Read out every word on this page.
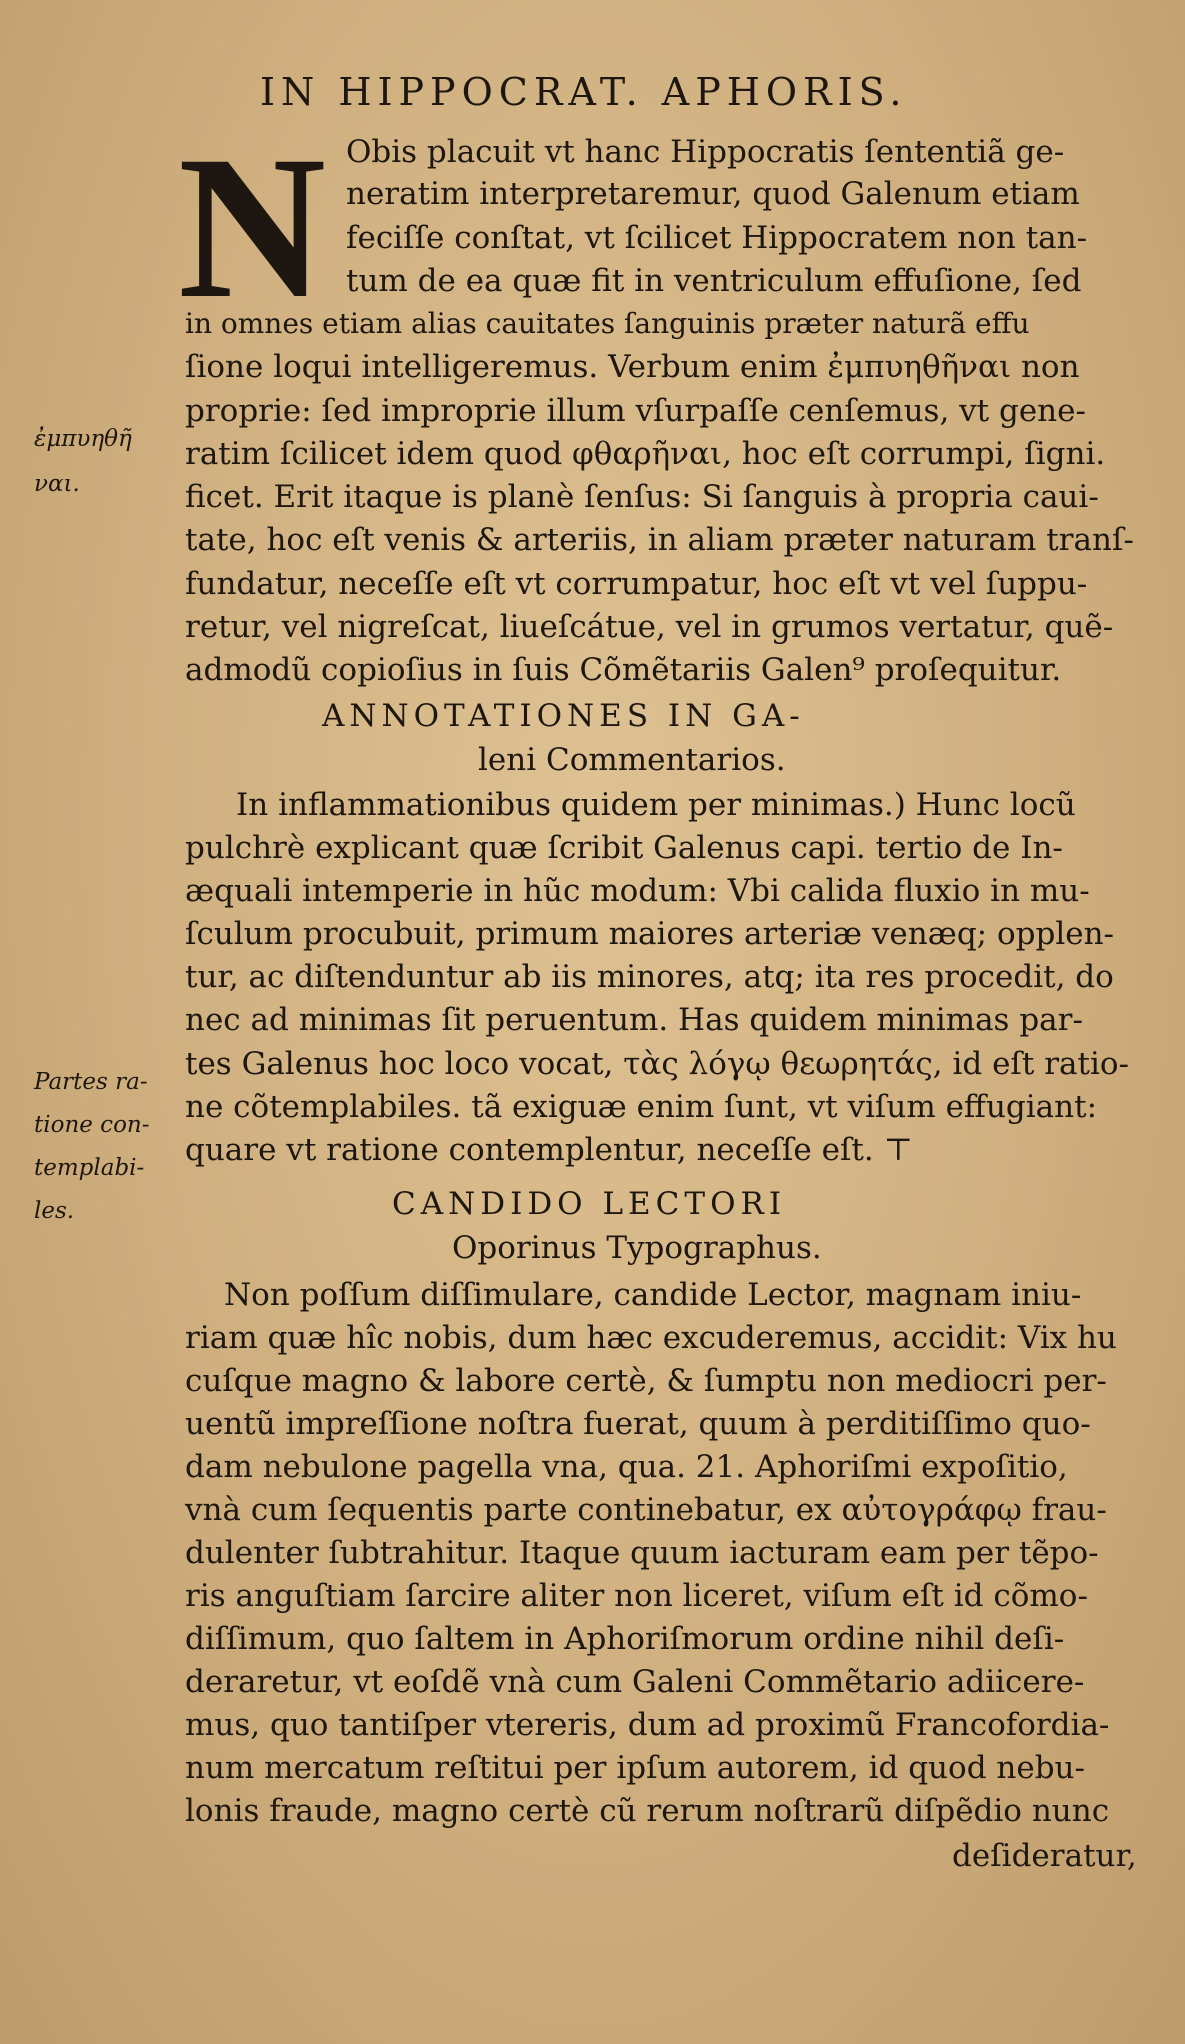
IN HIPPOCRAT. APHORIS.
N Obis placuit vt hanc Hippocratis ſententiã ge-
neratim interpretaremur, quod Galenum etiam
feciſſe conſtat, vt ſcilicet Hippocratem non tan-
tum de ea quæ fit in ventriculum effuſione, ſed
in omnes etiam alias cauitates ſanguinis præter naturã effu
ſione loqui intelligeremus. Verbum enim ἐμπυηθῆναι non
proprie: ſed improprie illum vſurpaſſe cenſemus, vt gene-
ratim ſcilicet idem quod φθαρῆναι, hoc eſt corrumpi, ſigni.
ficet. Erit itaque is planè ſenſus: Si ſanguis à propria caui-
tate, hoc eſt venis & arteriis, in aliam præter naturam tranſ-
fundatur, neceſſe eſt vt corrumpatur, hoc eſt vt vel ſuppu-
retur, vel nigreſcat, liueſcátue, vel in grumos vertatur, quẽ-
admodũ copioſius in ſuis Cõmẽtariis Galen⁹ proſequitur.
ἐμπυηθῆ
ναι.
ANNOTATIONES IN GA-
leni Commentarios.
In inflammationibus quidem per minimas.) Hunc locũ
pulchrè explicant quæ ſcribit Galenus capi. tertio de In-
æquali intemperie in hũc modum: Vbi calida fluxio in mu-
ſculum procubuit, primum maiores arteriæ venæq; opplen-
tur, ac diſtenduntur ab iis minores, atq; ita res procedit, do
nec ad minimas ſit peruentum. Has quidem minimas par-
tes Galenus hoc loco vocat, τὰς λόγῳ θεωρητάς, id eſt ratio-
ne cõtemplabiles. tã exiguæ enim ſunt, vt viſum effugiant:
quare vt ratione contemplentur, neceſſe eſt. ⊤
Partes ra-
tione con-
templabi-
les.	CANDIDO LECTORI
Oporinus Typographus.
Non poſſum diſſimulare, candide Lector, magnam iniu-
riam quæ hîc nobis, dum hæc excuderemus, accidit: Vix hu
cuſque magno & labore certè, & ſumptu non mediocri per-
uentũ impreſſione noſtra fuerat, quum à perditiſſimo quo-
dam nebulone pagella vna, qua. 21. Aphoriſmi expoſitio,
vnà cum ſequentis parte continebatur, ex αὐτογράφῳ frau-
dulenter ſubtrahitur. Itaque quum iacturam eam per tẽpo-
ris anguſtiam ſarcire aliter non liceret, viſum eſt id cõmo-
diſſimum, quo ſaltem in Aphoriſmorum ordine nihil deſi-
deraretur, vt eoſdẽ vnà cum Galeni Commẽtario adiicere-
mus, quo tantiſper vtereris, dum ad proximũ Francofordia-
num mercatum reſtitui per ipſum autorem, id quod nebu-
lonis fraude, magno certè cũ rerum noſtrarũ diſpẽdio nunc
deſideratur,
